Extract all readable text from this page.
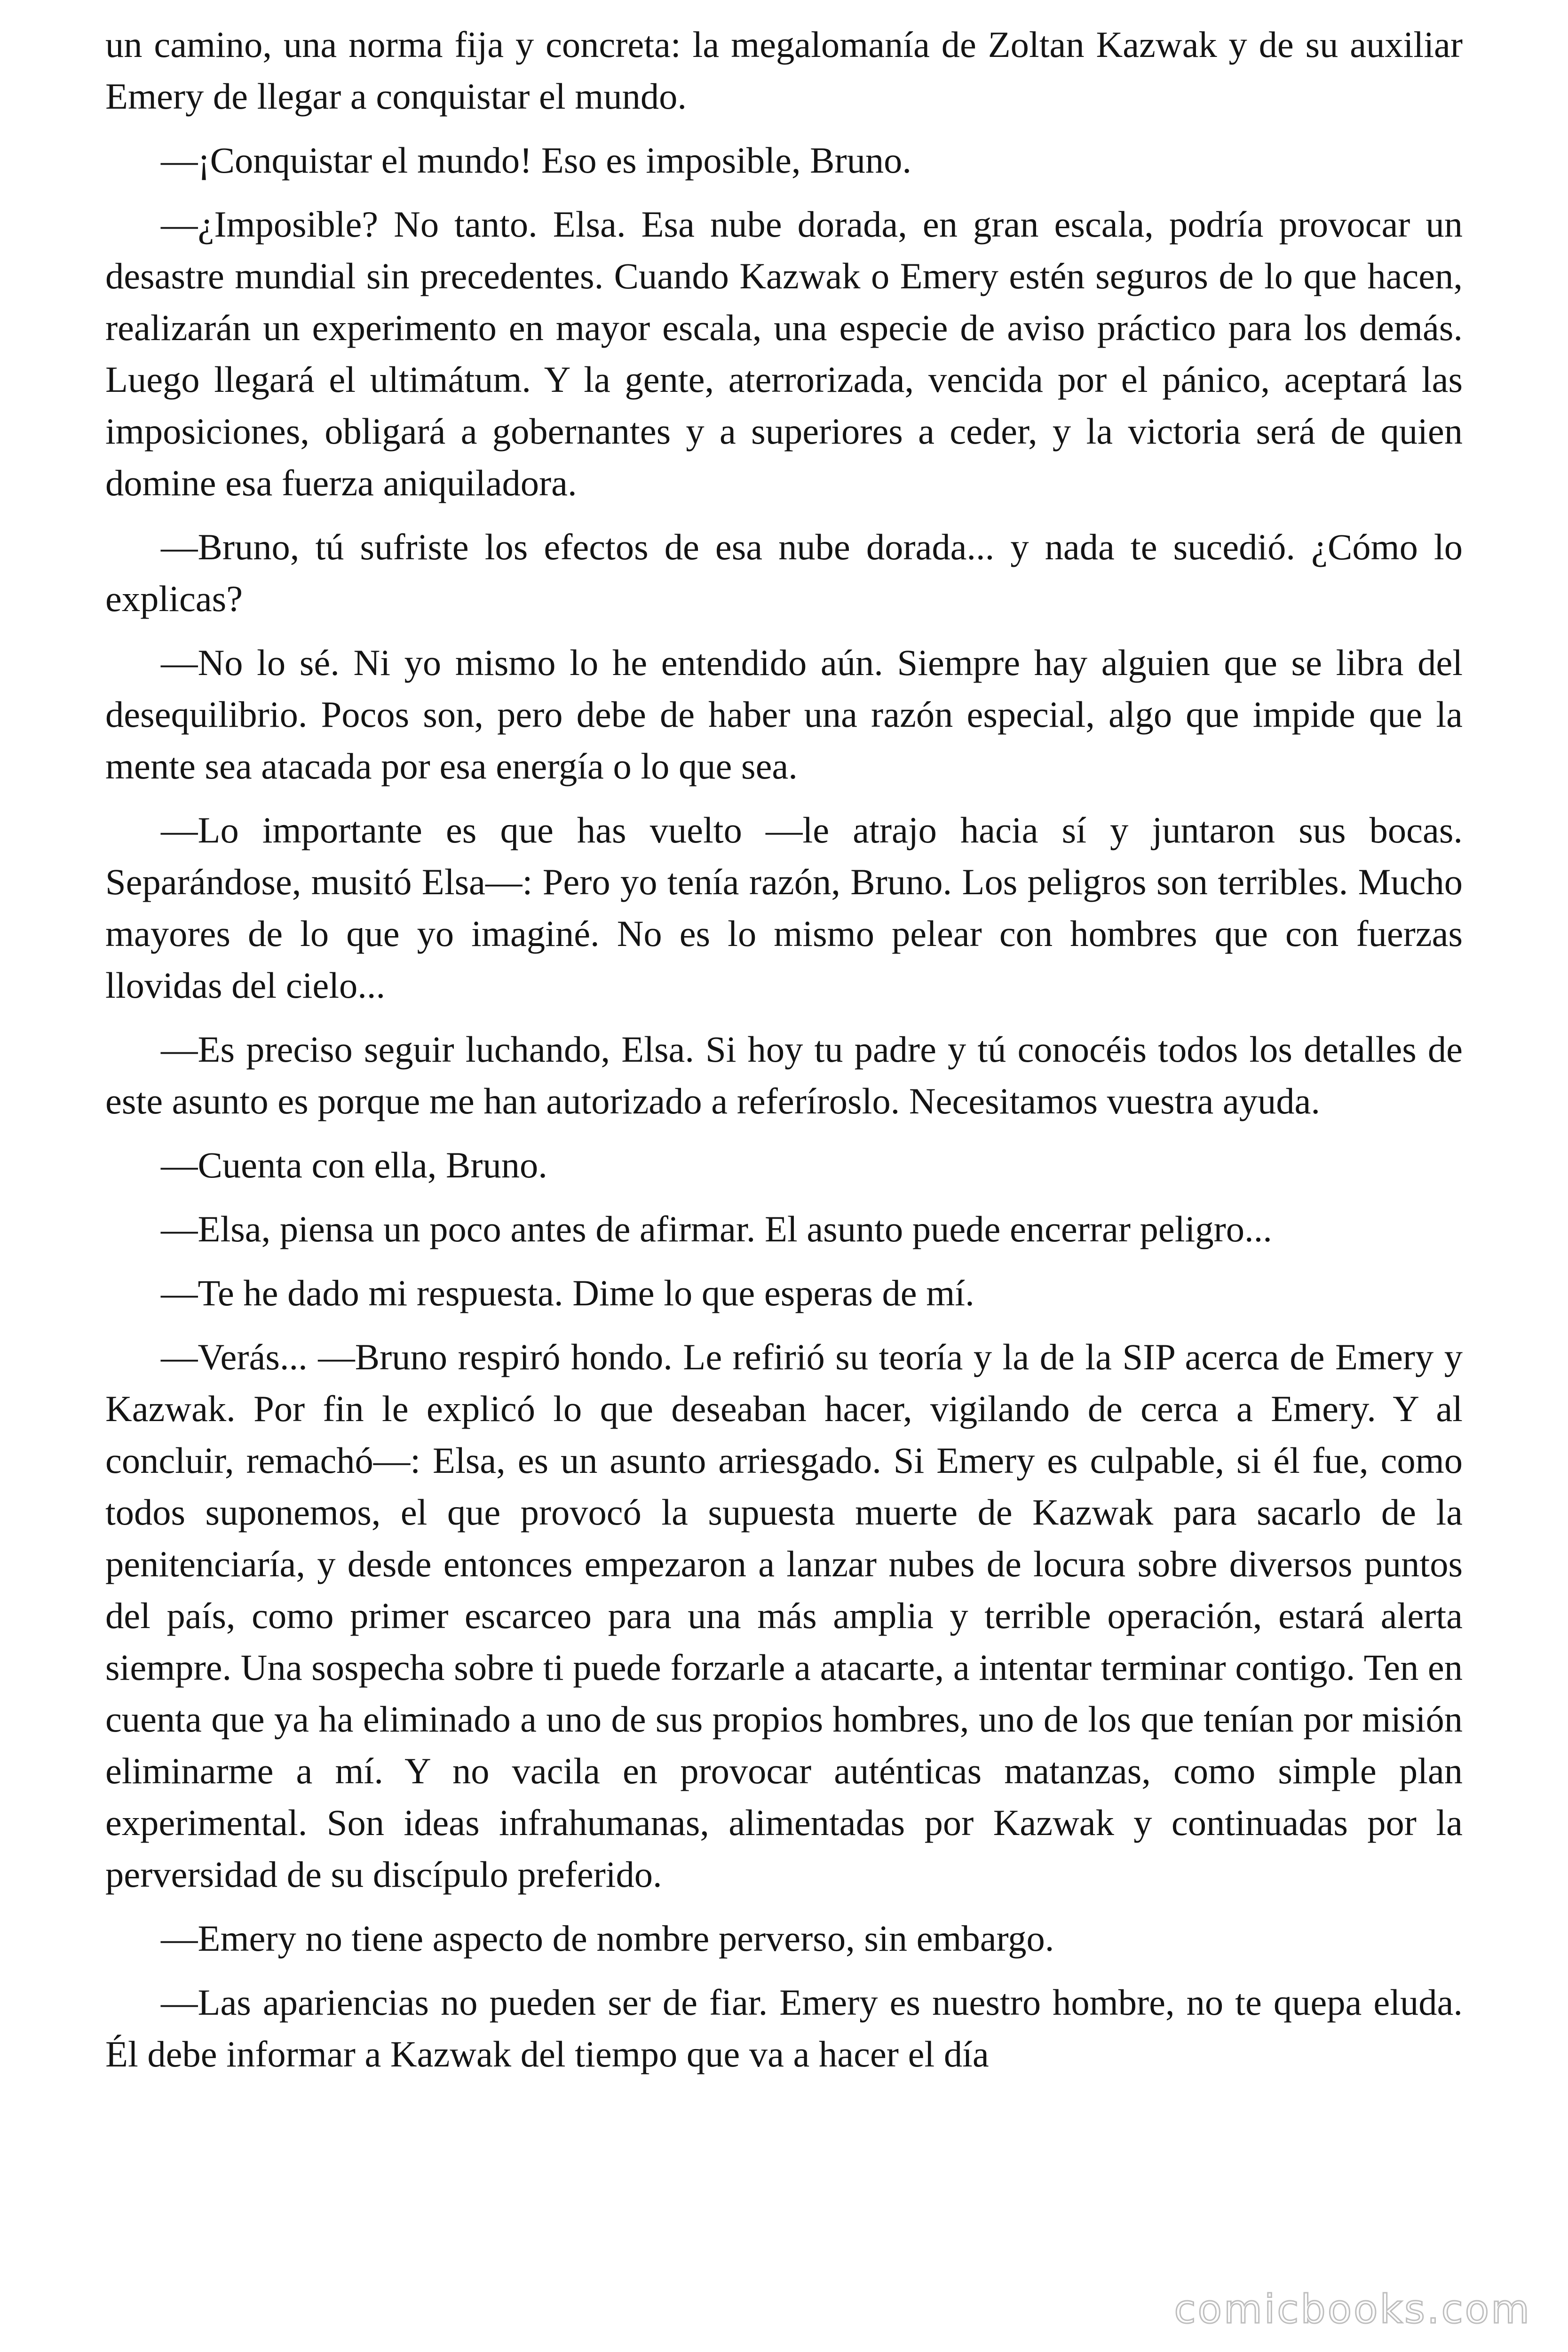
un camino, una norma fija y concreta: la megalomanía de Zoltan Kazwak y de su auxiliar Emery de llegar a conquistar el mundo.

—¡Conquistar el mundo! Eso es imposible, Bruno.

—¿Imposible? No tanto. Elsa. Esa nube dorada, en gran escala, podría provocar un desastre mundial sin precedentes. Cuando Kazwak o Emery estén seguros de lo que hacen, realizarán un experimento en mayor escala, una especie de aviso práctico para los demás. Luego llegará el ultimátum. Y la gente, aterrorizada, vencida por el pánico, aceptará las imposiciones, obligará a gobernantes y a superiores a ceder, y la victoria será de quien domine esa fuerza aniquiladora.

—Bruno, tú sufriste los efectos de esa nube dorada... y nada te sucedió. ¿Cómo lo explicas?

—No lo sé. Ni yo mismo lo he entendido aún. Siempre hay alguien que se libra del desequilibrio. Pocos son, pero debe de haber una razón especial, algo que impide que la mente sea atacada por esa energía o lo que sea.

—Lo importante es que has vuelto —le atrajo hacia sí y juntaron sus bocas. Separándose, musitó Elsa—: Pero yo tenía razón, Bruno. Los peligros son terribles. Mucho mayores de lo que yo imaginé. No es lo mismo pelear con hombres que con fuerzas llovidas del cielo...

—Es preciso seguir luchando, Elsa. Si hoy tu padre y tú conocéis todos los detalles de este asunto es porque me han autorizado a referíroslo. Necesitamos vuestra ayuda.

—Cuenta con ella, Bruno.

—Elsa, piensa un poco antes de afirmar. El asunto puede encerrar peligro...

—Te he dado mi respuesta. Dime lo que esperas de mí.

—Verás... —Bruno respiró hondo. Le refirió su teoría y la de la SIP acerca de Emery y Kazwak. Por fin le explicó lo que deseaban hacer, vigilando de cerca a Emery. Y al concluir, remachó—: Elsa, es un asunto arriesgado. Si Emery es culpable, si él fue, como todos suponemos, el que provocó la supuesta muerte de Kazwak para sacarlo de la penitenciaría, y desde entonces empezaron a lanzar nubes de locura sobre diversos puntos del país, como primer escarceo para una más amplia y terrible operación, estará alerta siempre. Una sospecha sobre ti puede forzarle a atacarte, a intentar terminar contigo. Ten en cuenta que ya ha eliminado a uno de sus propios hombres, uno de los que tenían por misión eliminarme a mí. Y no vacila en provocar auténticas matanzas, como simple plan experimental. Son ideas infrahumanas, alimentadas por Kazwak y continuadas por la perversidad de su discípulo preferido.

—Emery no tiene aspecto de nombre perverso, sin embargo.

—Las apariencias no pueden ser de fiar. Emery es nuestro hombre, no te quepa eluda. Él debe informar a Kazwak del tiempo que va a hacer el día

comicbooks.com
